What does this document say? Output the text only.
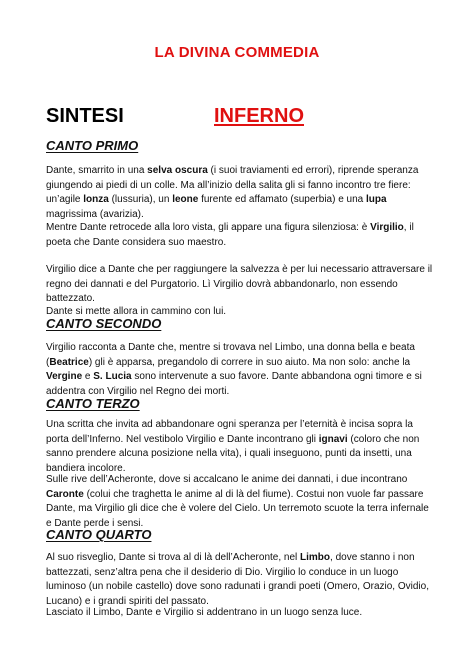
LA DIVINA COMMEDIA
SINTESI	INFERNO
CANTO PRIMO

Dante, smarrito in una selva oscura (i suoi traviamenti ed errori), riprende speranza giungendo ai piedi di un colle. Ma all’inizio della salita gli si fanno incontro tre fiere: un’agile lonza (lussuria), un leone furente ed affamato (superbia) e una lupa magrissima (avarizia).

Mentre Dante retrocede alla loro vista, gli appare una figura silenziosa: è Virgilio, il poeta che Dante considera suo maestro.

Virgilio dice a Dante che per raggiungere la salvezza è per lui necessario attraversare il regno dei dannati e del Purgatorio. Lì Virgilio dovrà abbandonarlo, non essendo battezzato.

Dante si mette allora in cammino con lui.

CANTO SECONDO

Virgilio racconta a Dante che, mentre si trovava nel Limbo, una donna bella e beata (Beatrice) gli è apparsa, pregandolo di correre in suo aiuto. Ma non solo: anche la Vergine e S. Lucia sono intervenute a suo favore. Dante abbandona ogni timore e si addentra con Virgilio nel Regno dei morti.

CANTO TERZO

Una scritta che invita ad abbandonare ogni speranza per l’eternità è incisa sopra la porta dell’Inferno. Nel vestibolo Virgilio e Dante incontrano gli ignavi (coloro che non sanno prendere alcuna posizione nella vita), i quali inseguono, punti da insetti, una bandiera incolore.

Sulle rive dell’Acheronte, dove si accalcano le anime dei dannati, i due incontrano Caronte (colui che traghetta le anime al di là del fiume). Costui non vuole far passare Dante, ma Virgilio gli dice che è volere del Cielo. Un terremoto scuote la terra infernale e Dante perde i sensi.

CANTO QUARTO

Al suo risveglio, Dante si trova al di là dell’Acheronte, nel Limbo, dove stanno i non battezzati, senz’altra pena che il desiderio di Dio. Virgilio lo conduce in un luogo luminoso (un nobile castello) dove sono radunati i grandi poeti (Omero, Orazio, Ovidio, Lucano) e i grandi spiriti del passato.

Lasciato il Limbo, Dante e Virgilio si addentrano in un luogo senza luce.
